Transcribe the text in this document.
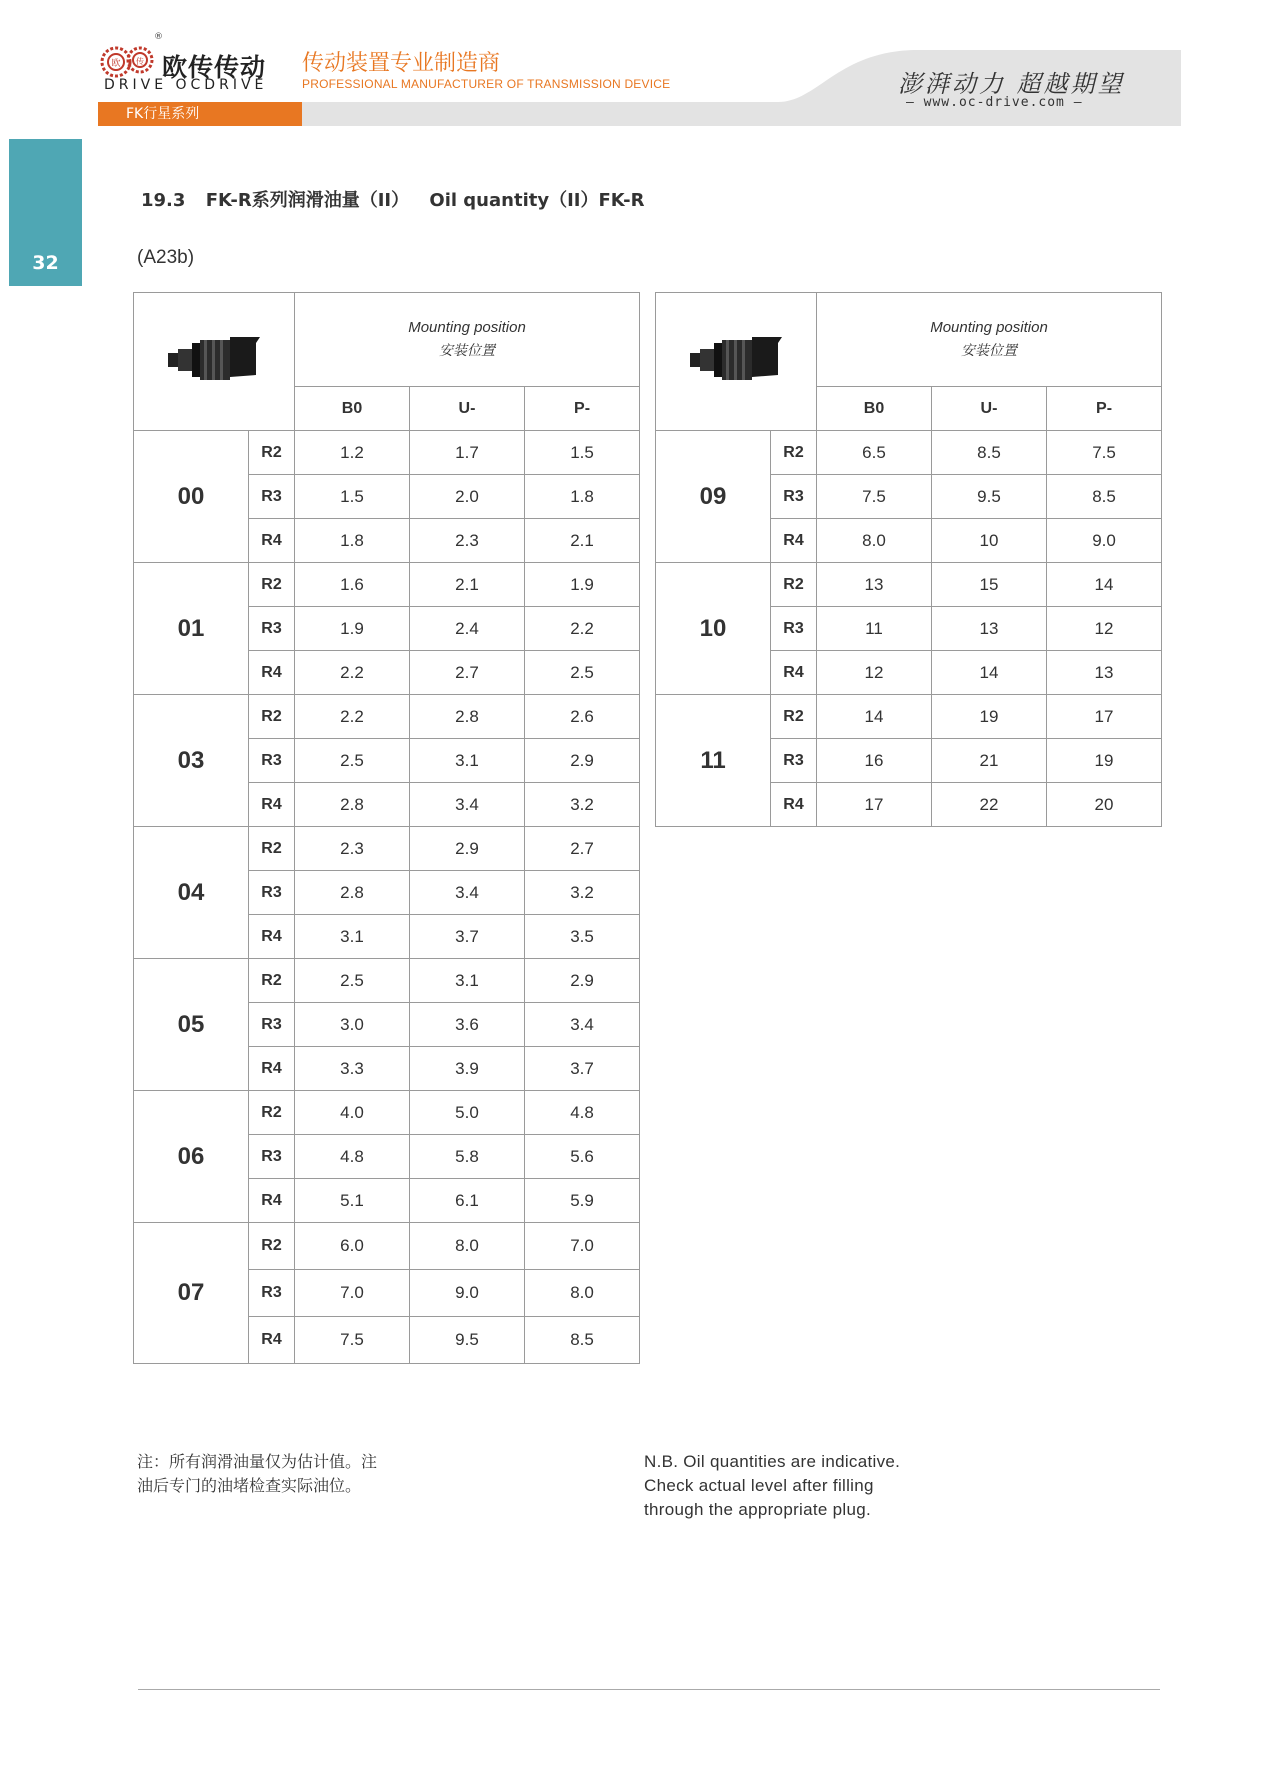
欧 传
®
欧传传动
DRIVE OCDRIVE
传动装置专业制造商
PROFESSIONAL MANUFACTURER OF TRANSMISSION DEVICE	澎湃动力 超越期望
— www.oc-drive.com —
FK行星系列
32
19.3 FK-R系列润滑油量（II） Oil quantity（II）FK-R
(A23b)

Mounting position
安装位置		

		B0	U-	P-
00	R2	1.2	1.7	1.5
	R3	1.5	2.0	1.8
	R4	1.8	2.3	2.1
01	R2	1.6	2.1	1.9
	R3	1.9	2.4	2.2
	R4	2.2	2.7	2.5
03	R2	2.2	2.8	2.6
	R3	2.5	3.1	2.9
	R4	2.8	3.4	3.2
04	R2	2.3	2.9	2.7
	R3	2.8	3.4	3.2
	R4	3.1	3.7	3.5
05	R2	2.5	3.1	2.9
	R3	3.0	3.6	3.4
	R4	3.3	3.9	3.7
06	R2	4.0	5.0	4.8
	R3	4.8	5.8	5.6
	R4	5.1	6.1	5.9
07	R2	6.0	8.0	7.0
	R3	7.0	9.0	8.0
	R4	7.5	9.5	8.5

Mounting position
安装位置		

		B0	U-	P-
09	R2	6.5	8.5	7.5
	R3	7.5	9.5	8.5
	R4	8.0	10	9.0
10	R2	13	15	14
	R3	11	13	12
	R4	12	14	13
11	R2	14	19	17
	R3	16	21	19
	R4	17	22	20
注：所有润滑油量仅为估计值。注
油后专门的油堵检查实际油位。
N.B. Oil quantities are indicative.
Check actual level after filling
through the appropriate plug.
